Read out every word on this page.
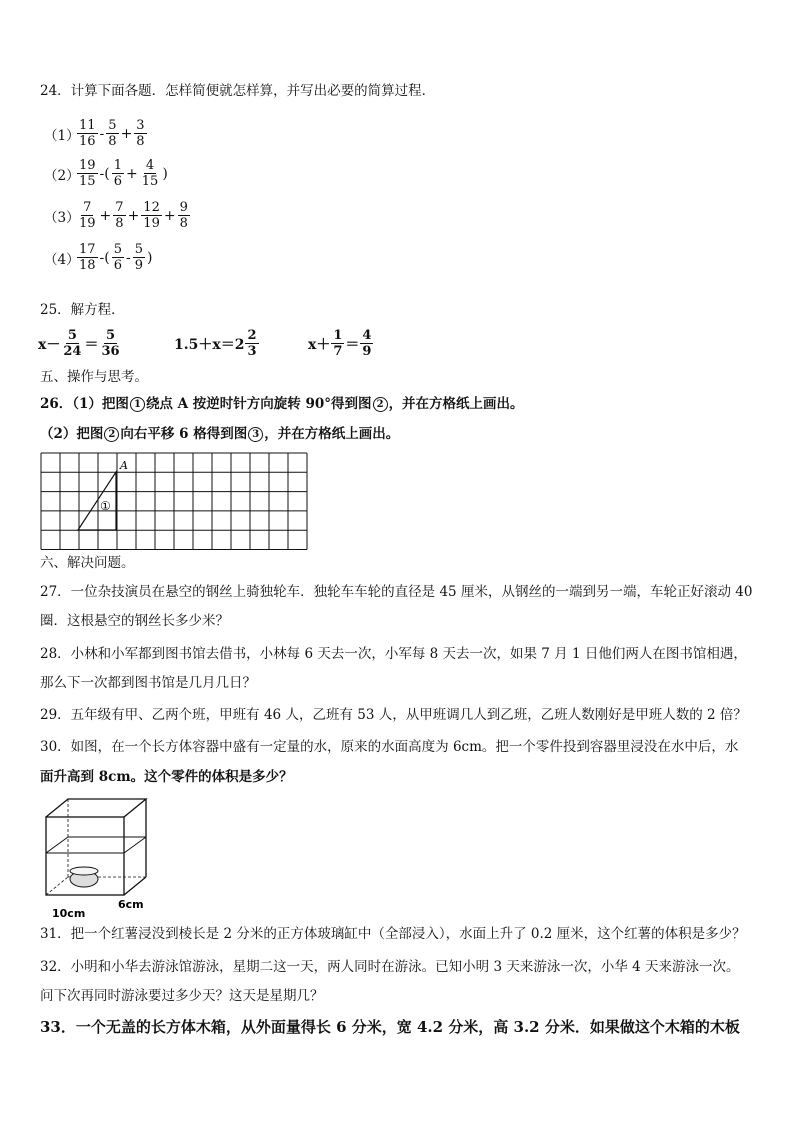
24．计算下面各题．怎样简便就怎样算，并写出必要的简算过程．
（1）
$\frac{11}{16} - \frac{5}{8} + \frac{3}{8}$
（2）
$\frac{19}{15}$ -( $\frac{1}{6} + \frac{4}{15}$ )
（3）
$\frac{7}{19} + \frac{7}{8} + \frac{12}{19} + \frac{9}{8}$
（4）
$\frac{17}{18}$ -( $\frac{5}{6} - \frac{5}{9}$ )
25．解方程．
$x- \frac{5}{24} = \frac{5}{36}$	$1.5+x=2 \frac{2}{3}$	$x+ \frac{1}{7} = \frac{4}{9}$
五、操作与思考。
26．（1）把图 1 绕点 A 按逆时针方向旋转 90°得到图 2 ，并在方格纸上画出。
（2）把图 2 向右平移 6 格得到图 3 ，并在方格纸上画出。
A
①
六、解决问题。
27．一位杂技演员在悬空的钢丝上骑独轮车．独轮车车轮的直径是 45 厘米，从钢丝的一端到另一端，车轮正好滚动 40
圈．这根悬空的钢丝长多少米？
28．小林和小军都到图书馆去借书，小林每 6 天去一次，小军每 8 天去一次，如果 7 月 1 日他们两人在图书馆相遇，
那么下一次都到图书馆是几月几日？
29．五年级有甲、乙两个班，甲班有 46 人，乙班有 53 人，从甲班调几人到乙班，乙班人数刚好是甲班人数的 2 倍？
30．如图，在一个长方体容器中盛有一定量的水，原来的水面高度为 6cm。把一个零件投到容器里浸没在水中后，水
面升高到 8cm。这个零件的体积是多少？
6cm
10cm
31．把一个红薯浸没到棱长是 2 分米的正方体玻璃缸中（全部浸入），水面上升了 0.2 厘米，这个红薯的体积是多少？
32．小明和小华去游泳馆游泳，星期二这一天，两人同时在游泳。已知小明 3 天来游泳一次，小华 4 天来游泳一次。
问下次再同时游泳要过多少天？这天是星期几？
33．一个无盖的长方体木箱，从外面量得长 6 分米，宽 4.2 分米，高 3.2 分米．如果做这个木箱的木板
